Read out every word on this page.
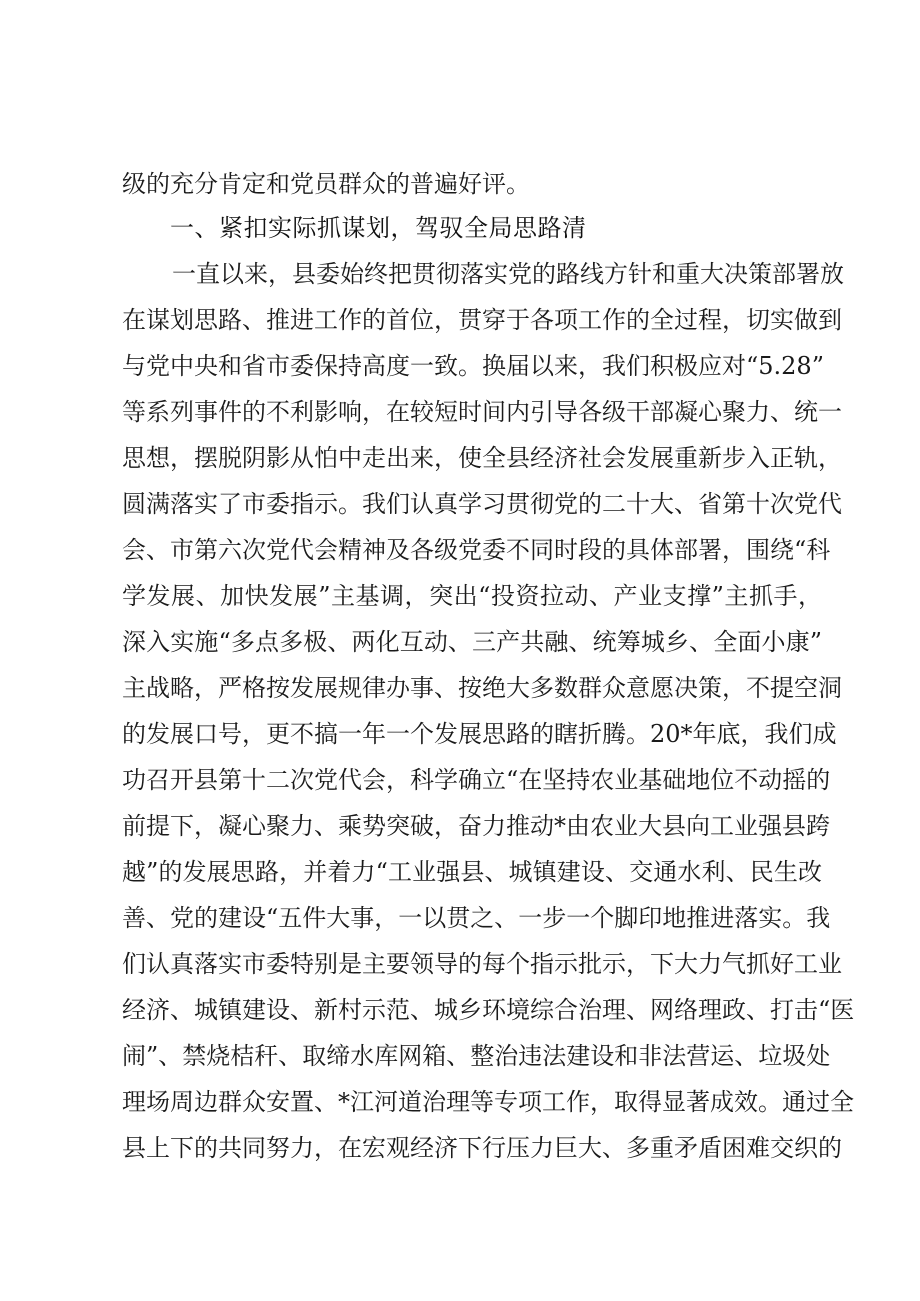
级的充分肯定和党员群众的普遍好评。
一、紧扣实际抓谋划，驾驭全局思路清
一直以来，县委始终把贯彻落实党的路线方针和重大决策部署放
在谋划思路、推进工作的首位，贯穿于各项工作的全过程，切实做到
与党中央和省市委保持高度一致。换届以来，我们积极应对“5.28”
等系列事件的不利影响，在较短时间内引导各级干部凝心聚力、统一
思想，摆脱阴影从怕中走出来，使全县经济社会发展重新步入正轨，
圆满落实了市委指示。我们认真学习贯彻党的二十大、省第十次党代
会、市第六次党代会精神及各级党委不同时段的具体部署，围绕“科
学发展、加快发展”主基调，突出“投资拉动、产业支撑”主抓手，
深入实施“多点多极、两化互动、三产共融、统筹城乡、全面小康”
主战略，严格按发展规律办事、按绝大多数群众意愿决策，不提空洞
的发展口号，更不搞一年一个发展思路的瞎折腾。20*年底，我们成
功召开县第十二次党代会，科学确立“在坚持农业基础地位不动摇的
前提下，凝心聚力、乘势突破，奋力推动*由农业大县向工业强县跨
越”的发展思路，并着力“工业强县、城镇建设、交通水利、民生改
善、党的建设“五件大事，一以贯之、一步一个脚印地推进落实。我
们认真落实市委特别是主要领导的每个指示批示，下大力气抓好工业
经济、城镇建设、新村示范、城乡环境综合治理、网络理政、打击“医
闹”、禁烧桔秆、取缔水库网箱、整治违法建设和非法营运、垃圾处
理场周边群众安置、*江河道治理等专项工作，取得显著成效。通过全
县上下的共同努力，在宏观经济下行压力巨大、多重矛盾困难交织的
